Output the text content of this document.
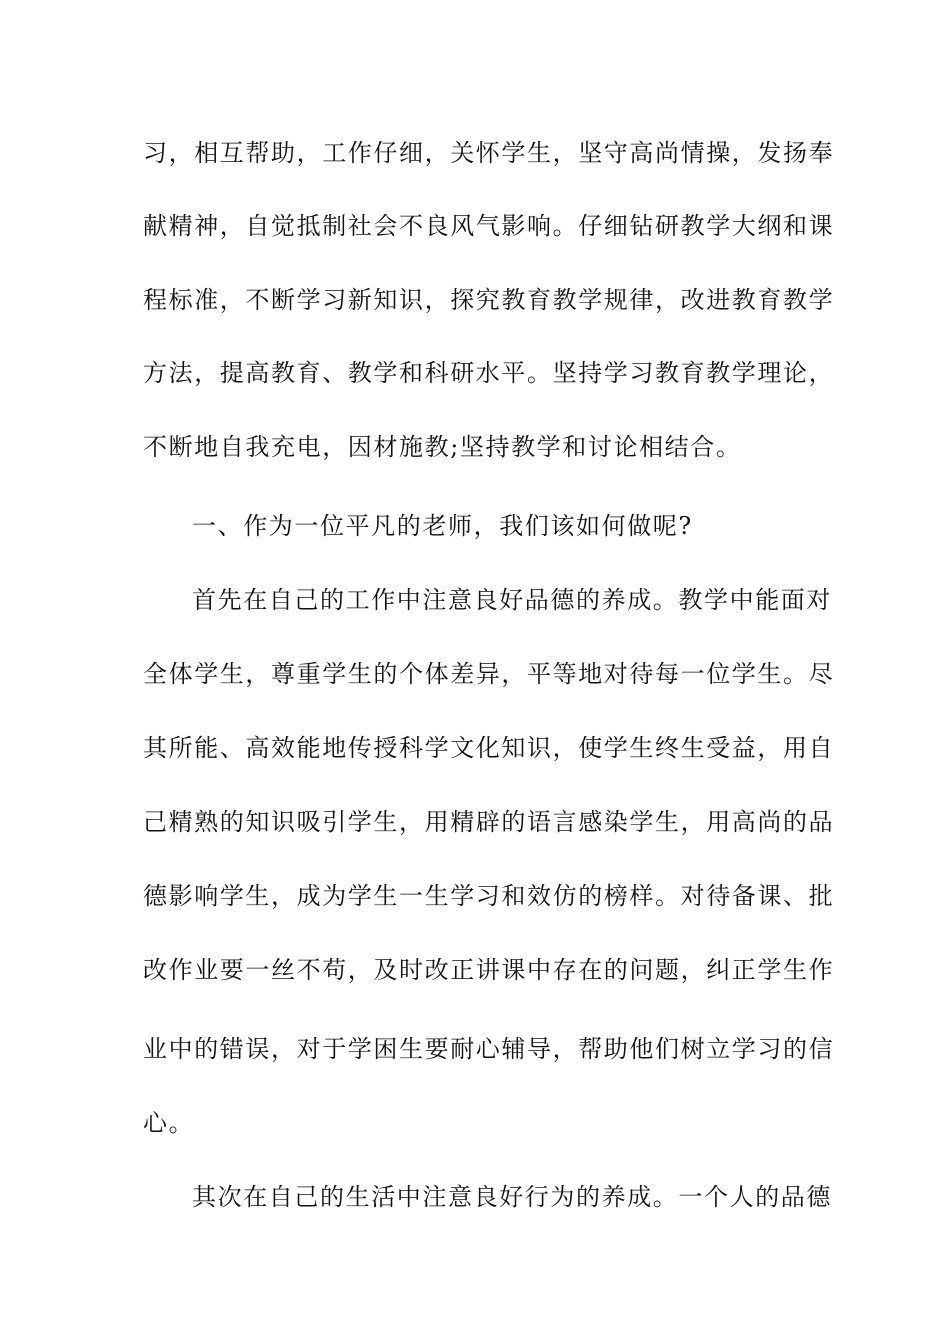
习，相互帮助，工作仔细，关怀学生，坚守高尚情操，发扬奉
献精神，自觉抵制社会不良风气影响。仔细钻研教学大纲和课
程标准，不断学习新知识，探究教育教学规律，改进教育教学
方法，提高教育、教学和科研水平。坚持学习教育教学理论，
不断地自我充电，因材施教;坚持教学和讨论相结合。
一、作为一位平凡的老师，我们该如何做呢?
首先在自己的工作中注意良好品德的养成。教学中能面对
全体学生，尊重学生的个体差异，平等地对待每一位学生。尽
其所能、高效能地传授科学文化知识，使学生终生受益，用自
己精熟的知识吸引学生，用精辟的语言感染学生，用高尚的品
德影响学生，成为学生一生学习和效仿的榜样。对待备课、批
改作业要一丝不苟，及时改正讲课中存在的问题，纠正学生作
业中的错误，对于学困生要耐心辅导，帮助他们树立学习的信
心。
其次在自己的生活中注意良好行为的养成。一个人的品德
